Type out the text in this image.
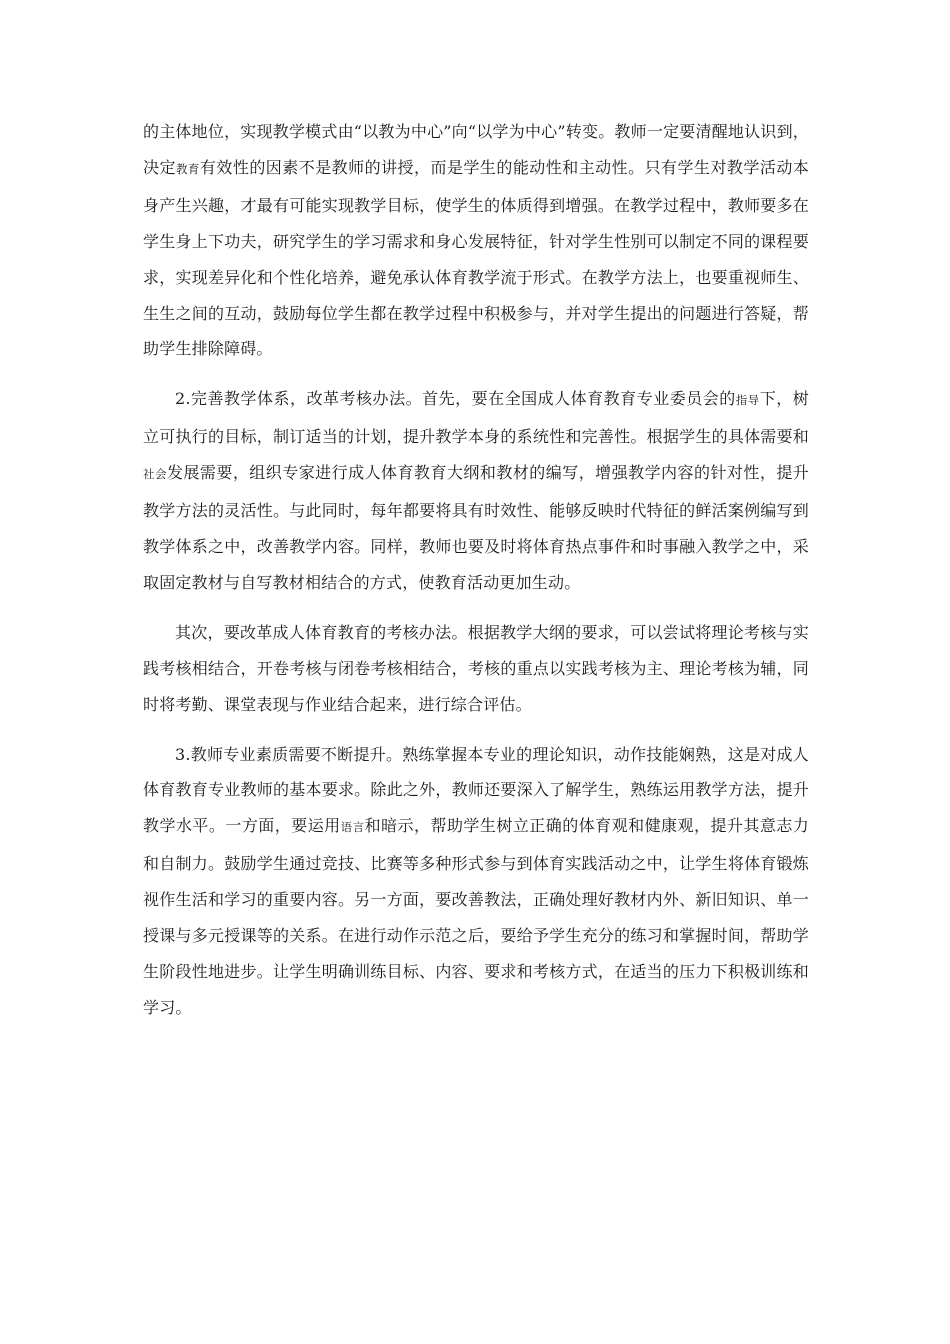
的主体地位，实现教学模式由“以教为中心”向“以学为中心”转变。教师一定要清醒地认识到，决定教育有效性的因素不是教师的讲授，而是学生的能动性和主动性。只有学生对教学活动本身产生兴趣，才最有可能实现教学目标，使学生的体质得到增强。在教学过程中，教师要多在学生身上下功夫，研究学生的学习需求和身心发展特征，针对学生性别可以制定不同的课程要求，实现差异化和个性化培养，避免承认体育教学流于形式。在教学方法上，也要重视师生、生生之间的互动，鼓励每位学生都在教学过程中积极参与，并对学生提出的问题进行答疑，帮助学生排除障碍。

2.完善教学体系，改革考核办法。首先，要在全国成人体育教育专业委员会的指导下，树立可执行的目标，制订适当的计划，提升教学本身的系统性和完善性。根据学生的具体需要和社会发展需要，组织专家进行成人体育教育大纲和教材的编写，增强教学内容的针对性，提升教学方法的灵活性。与此同时，每年都要将具有时效性、能够反映时代特征的鲜活案例编写到教学体系之中，改善教学内容。同样，教师也要及时将体育热点事件和时事融入教学之中，采取固定教材与自写教材相结合的方式，使教育活动更加生动。

其次，要改革成人体育教育的考核办法。根据教学大纲的要求，可以尝试将理论考核与实践考核相结合，开卷考核与闭卷考核相结合，考核的重点以实践考核为主、理论考核为辅，同时将考勤、课堂表现与作业结合起来，进行综合评估。

3.教师专业素质需要不断提升。熟练掌握本专业的理论知识，动作技能娴熟，这是对成人体育教育专业教师的基本要求。除此之外，教师还要深入了解学生，熟练运用教学方法，提升教学水平。一方面，要运用语言和暗示，帮助学生树立正确的体育观和健康观，提升其意志力和自制力。鼓励学生通过竞技、比赛等多种形式参与到体育实践活动之中，让学生将体育锻炼视作生活和学习的重要内容。另一方面，要改善教法，正确处理好教材内外、新旧知识、单一授课与多元授课等的关系。在进行动作示范之后，要给予学生充分的练习和掌握时间，帮助学生阶段性地进步。让学生明确训练目标、内容、要求和考核方式，在适当的压力下积极训练和学习。
